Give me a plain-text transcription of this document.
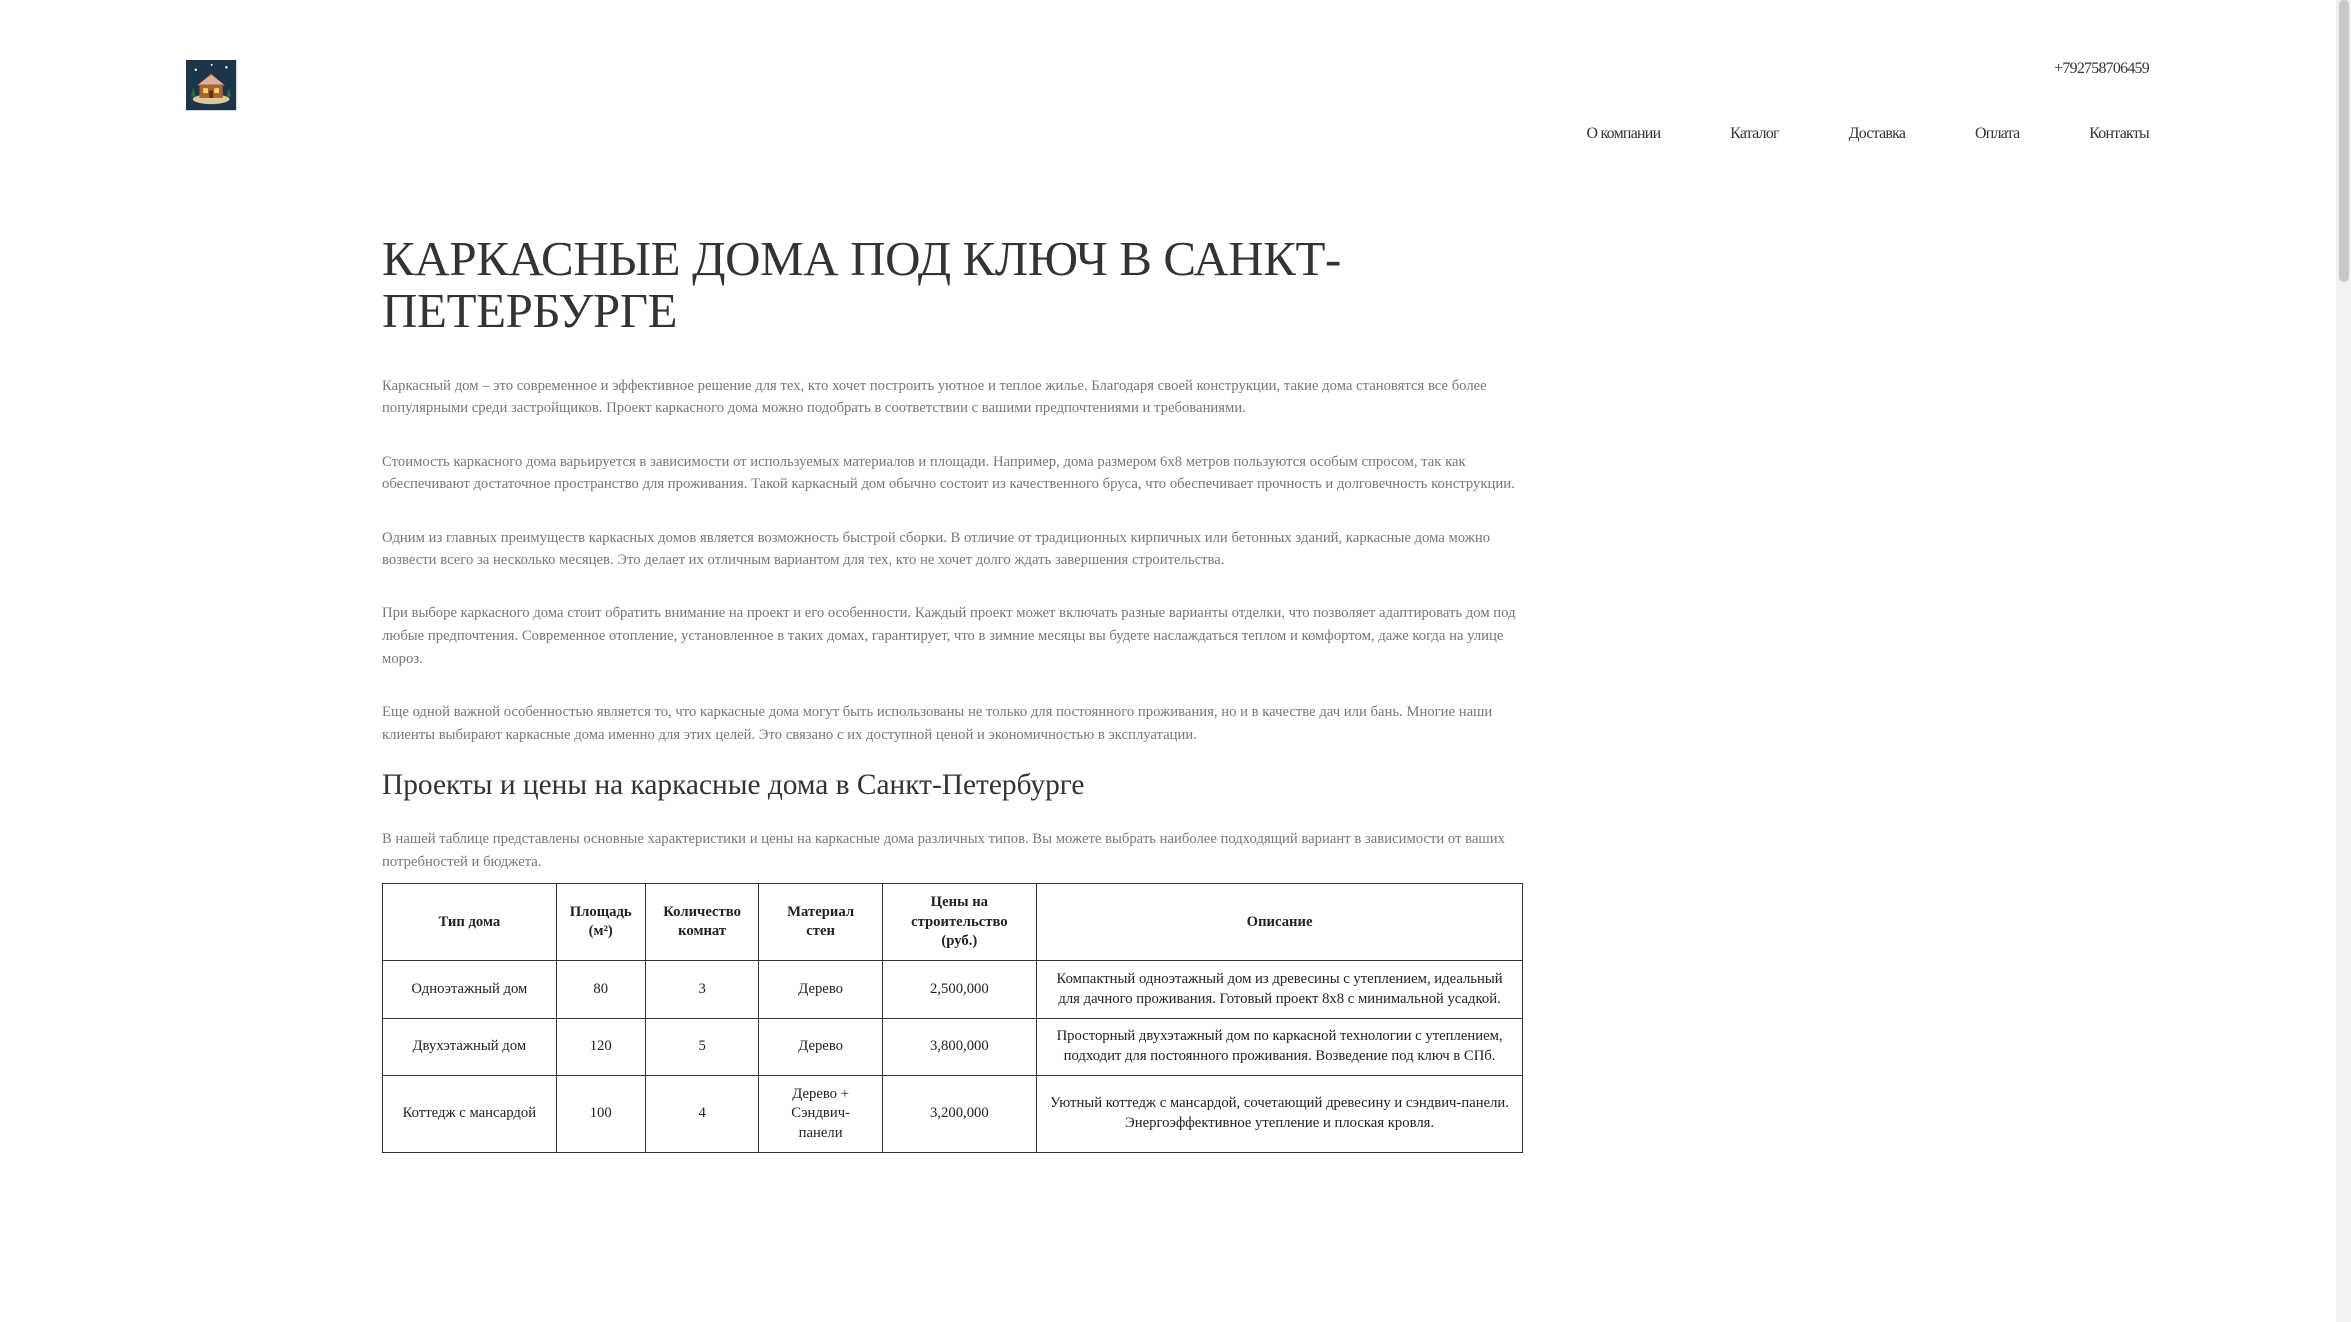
+792758706459
О компании	Каталог	Доставка	Оплата	Контакты
КАРКАСНЫЕ ДОМА ПОД КЛЮЧ В САНКТ-ПЕТЕРБУРГЕ

Каркасный дом – это современное и эффективное решение для тех, кто хочет построить уютное и теплое жилье. Благодаря своей конструкции, такие дома становятся все более популярными среди застройщиков. Проект каркасного дома можно подобрать в соответствии с вашими предпочтениями и требованиями.

Стоимость каркасного дома варьируется в зависимости от используемых материалов и площади. Например, дома размером 6х8 метров пользуются особым спросом, так как обеспечивают достаточное пространство для проживания. Такой каркасный дом обычно состоит из качественного бруса, что обеспечивает прочность и долговечность конструкции.

Одним из главных преимуществ каркасных домов является возможность быстрой сборки. В отличие от традиционных кирпичных или бетонных зданий, каркасные дома можно возвести всего за несколько месяцев. Это делает их отличным вариантом для тех, кто не хочет долго ждать завершения строительства.

При выборе каркасного дома стоит обратить внимание на проект и его особенности. Каждый проект может включать разные варианты отделки, что позволяет адаптировать дом под любые предпочтения. Современное отопление, установленное в таких домах, гарантирует, что в зимние месяцы вы будете наслаждаться теплом и комфортом, даже когда на улице мороз.

Еще одной важной особенностью является то, что каркасные дома могут быть использованы не только для постоянного проживания, но и в качестве дач или бань. Многие наши клиенты выбирают каркасные дома именно для этих целей. Это связано с их доступной ценой и экономичностью в эксплуатации.

Проекты и цены на каркасные дома в Санкт-Петербурге

В нашей таблице представлены основные характеристики и цены на каркасные дома различных типов. Вы можете выбрать наиболее подходящий вариант в зависимости от ваших потребностей и бюджета.

Тип дома	Площадь (м²)	Количество комнат	Материал стен	Цены на строительство (руб.)	Описание
Одноэтажный дом	80	3	Дерево	2,500,000	Компактный одноэтажный дом из древесины с утеплением, идеальный для дачного проживания. Готовый проект 8х8 с минимальной усадкой.
Двухэтажный дом	120	5	Дерево	3,800,000	Просторный двухэтажный дом по каркасной технологии с утеплением, подходит для постоянного проживания. Возведение под ключ в СПб.
Коттедж с мансардой	100	4	Дерево + Сэндвич-панели	3,200,000	Уютный коттедж с мансардой, сочетающий древесину и сэндвич-панели. Энергоэффективное утепление и плоская кровля.
